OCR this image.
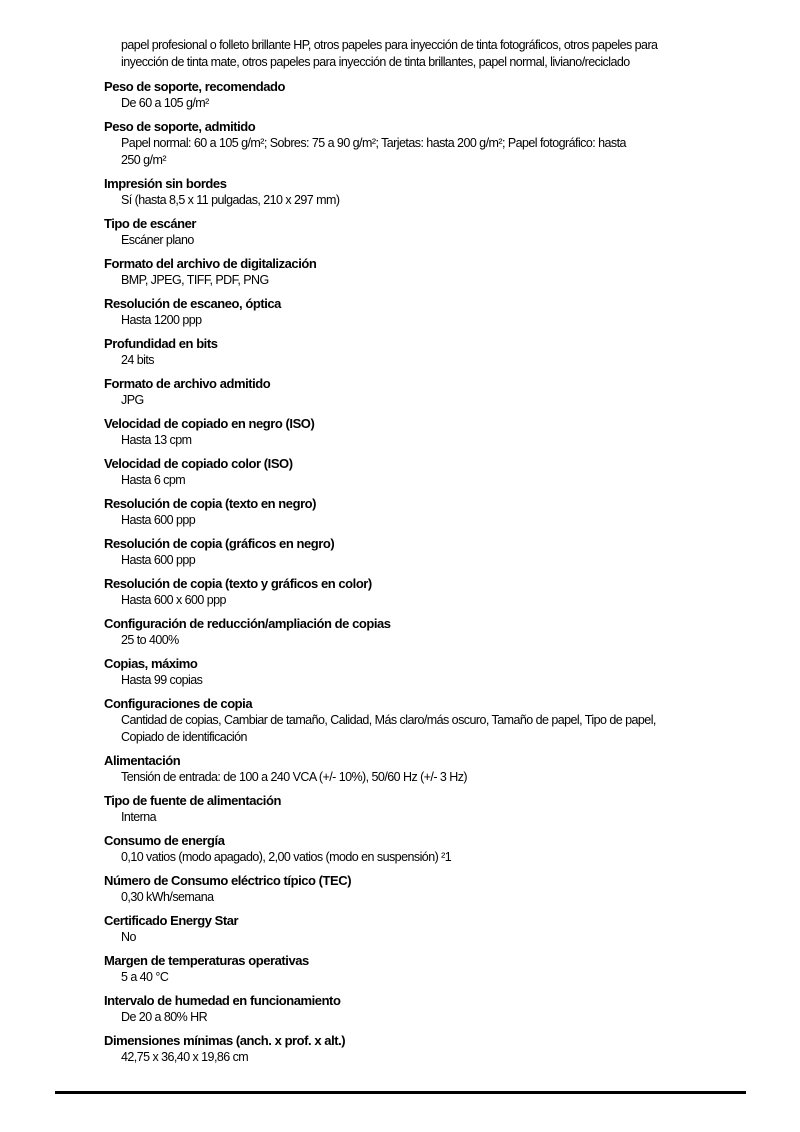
papel profesional o folleto brillante HP, otros papeles para inyección de tinta fotográficos, otros papeles para
inyección de tinta mate, otros papeles para inyección de tinta brillantes, papel normal, liviano/reciclado
Peso de soporte, recomendado
De 60 a 105 g/m²
Peso de soporte, admitido
Papel normal: 60 a 105 g/m²; Sobres: 75 a 90 g/m²; Tarjetas: hasta 200 g/m²; Papel fotográfico: hasta
250 g/m²
Impresión sin bordes
Sí (hasta 8,5 x 11 pulgadas, 210 x 297 mm)
Tipo de escáner
Escáner plano
Formato del archivo de digitalización
BMP, JPEG, TIFF, PDF, PNG
Resolución de escaneo, óptica
Hasta 1200 ppp
Profundidad en bits
24 bits
Formato de archivo admitido
JPG
Velocidad de copiado en negro (ISO)
Hasta 13 cpm
Velocidad de copiado color (ISO)
Hasta 6 cpm
Resolución de copia (texto en negro)
Hasta 600 ppp
Resolución de copia (gráficos en negro)
Hasta 600 ppp
Resolución de copia (texto y gráficos en color)
Hasta 600 x 600 ppp
Configuración de reducción/ampliación de copias
25 to 400%
Copias, máximo
Hasta 99 copias
Configuraciones de copia
Cantidad de copias, Cambiar de tamaño, Calidad, Más claro/más oscuro, Tamaño de papel, Tipo de papel,
Copiado de identificación
Alimentación
Tensión de entrada: de 100 a 240 VCA (+/- 10%), 50/60 Hz (+/- 3 Hz)
Tipo de fuente de alimentación
Interna
Consumo de energía
0,10 vatios (modo apagado), 2,00 vatios (modo en suspensión) ²1
Número de Consumo eléctrico típico (TEC)
0,30 kWh/semana
Certificado Energy Star
No
Margen de temperaturas operativas
5 a 40 °C
Intervalo de humedad en funcionamiento
De 20 a 80% HR
Dimensiones mínimas (anch. x prof. x alt.)
42,75 x 36,40 x 19,86 cm
